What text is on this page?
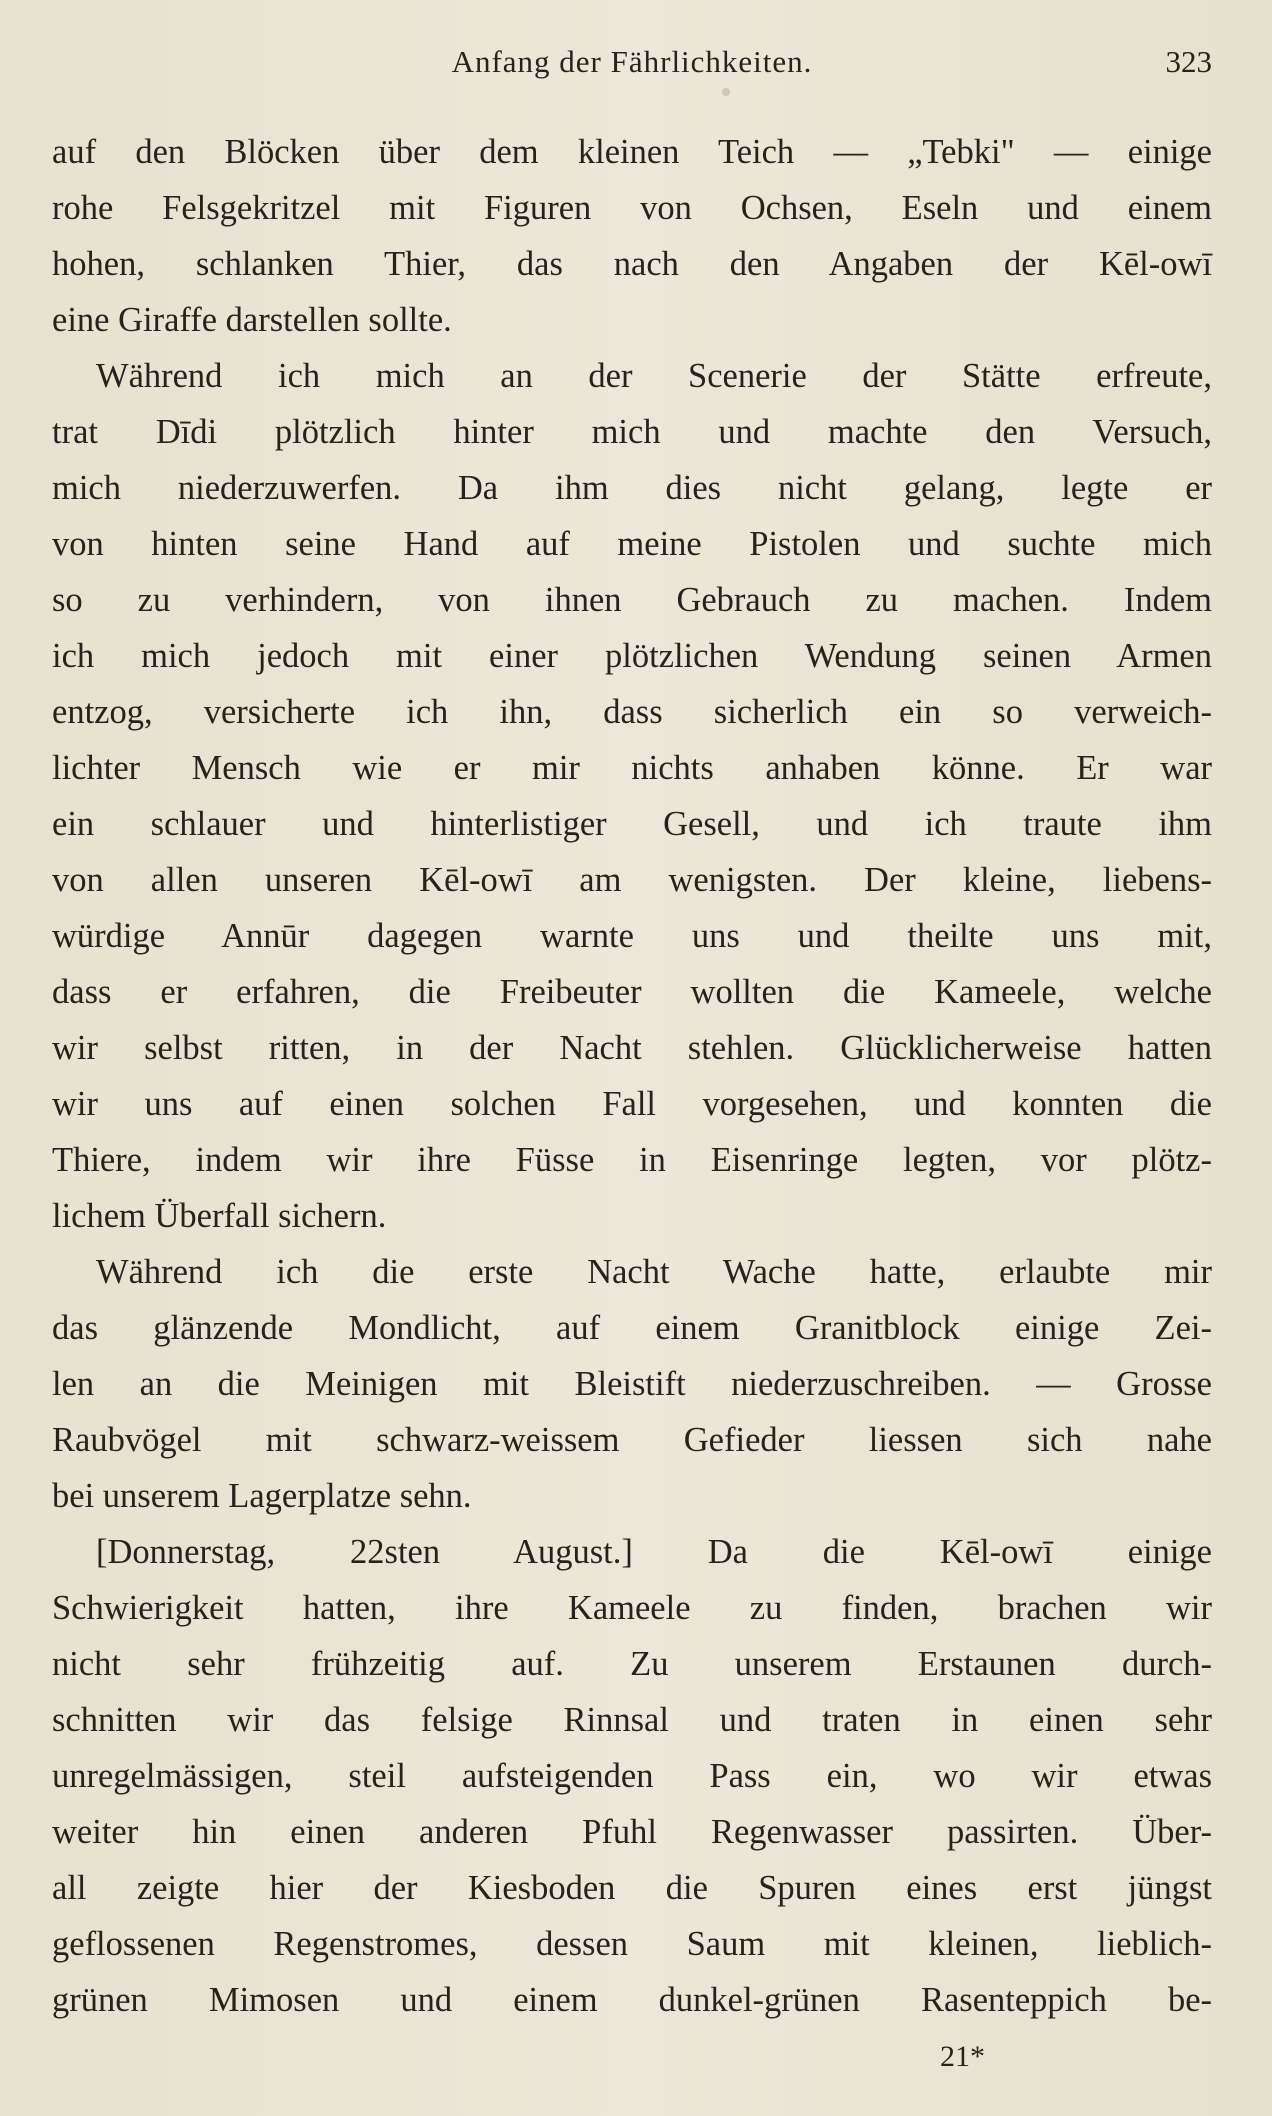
Anfang der Fährlichkeiten.	323
auf den Blöcken über dem kleinen Teich — „Tebki" — einige
rohe Felsgekritzel mit Figuren von Ochsen, Eseln und einem
hohen, schlanken Thier, das nach den Angaben der Kēl-owī
eine Giraffe darstellen sollte.
Während ich mich an der Scenerie der Stätte erfreute,
trat Dīdi plötzlich hinter mich und machte den Versuch,
mich niederzuwerfen. Da ihm dies nicht gelang, legte er
von hinten seine Hand auf meine Pistolen und suchte mich
so zu verhindern, von ihnen Gebrauch zu machen. Indem
ich mich jedoch mit einer plötzlichen Wendung seinen Armen
entzog, versicherte ich ihn, dass sicherlich ein so verweich-
lichter Mensch wie er mir nichts anhaben könne. Er war
ein schlauer und hinterlistiger Gesell, und ich traute ihm
von allen unseren Kēl-owī am wenigsten. Der kleine, liebens-
würdige Annūr dagegen warnte uns und theilte uns mit,
dass er erfahren, die Freibeuter wollten die Kameele, welche
wir selbst ritten, in der Nacht stehlen. Glücklicherweise hatten
wir uns auf einen solchen Fall vorgesehen, und konnten die
Thiere, indem wir ihre Füsse in Eisenringe legten, vor plötz-
lichem Überfall sichern.
Während ich die erste Nacht Wache hatte, erlaubte mir
das glänzende Mondlicht, auf einem Granitblock einige Zei-
len an die Meinigen mit Bleistift niederzuschreiben. — Grosse
Raubvögel mit schwarz-weissem Gefieder liessen sich nahe
bei unserem Lagerplatze sehn.
[Donnerstag, 22sten August.] Da die Kēl-owī einige
Schwierigkeit hatten, ihre Kameele zu finden, brachen wir
nicht sehr frühzeitig auf. Zu unserem Erstaunen durch-
schnitten wir das felsige Rinnsal und traten in einen sehr
unregelmässigen, steil aufsteigenden Pass ein, wo wir etwas
weiter hin einen anderen Pfuhl Regenwasser passirten. Über-
all zeigte hier der Kiesboden die Spuren eines erst jüngst
geflossenen Regenstromes, dessen Saum mit kleinen, lieblich-
grünen Mimosen und einem dunkel-grünen Rasenteppich be-
21*
